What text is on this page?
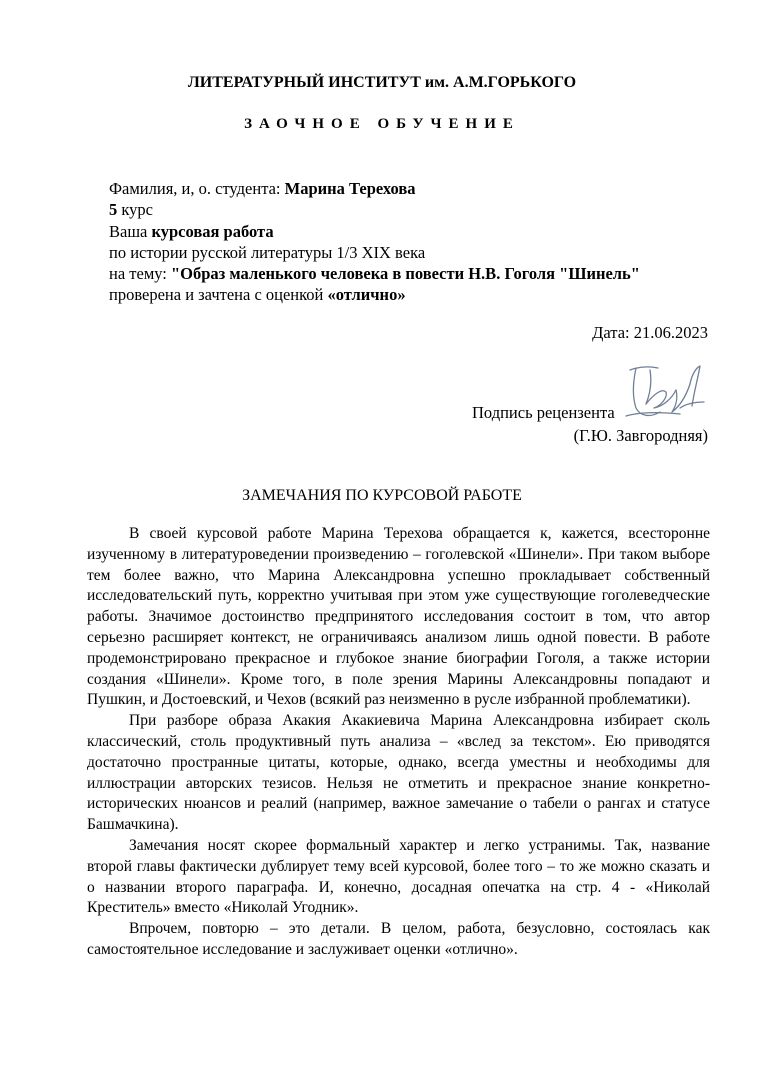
ЛИТЕРАТУРНЫЙ ИНСТИТУТ им. А.М.ГОРЬКОГО
ЗАОЧНОЕ ОБУЧЕНИЕ
Фамилия, и, о. студента: Марина Терехова
5 курс
Ваша курсовая работа
по истории русской литературы 1/3 XIX века
на тему: "Образ маленького человека в повести Н.В. Гоголя "Шинель"
проверена и зачтена с оценкой «отлично»
Дата: 21.06.2023
Подпись рецензента
(Г.Ю. Завгородняя)
ЗАМЕЧАНИЯ ПО КУРСОВОЙ РАБОТЕ

В своей курсовой работе Марина Терехова обращается к, кажется, всесторонне изученному в литературоведении произведению – гоголевской «Шинели». При таком выборе тем более важно, что Марина Александровна успешно прокладывает собственный исследовательский путь, корректно учитывая при этом уже существующие гоголеведческие работы. Значимое достоинство предпринятого исследования состоит в том, что автор серьезно расширяет контекст, не ограничиваясь анализом лишь одной повести. В работе продемонстрировано прекрасное и глубокое знание биографии Гоголя, а также истории создания «Шинели». Кроме того, в поле зрения Марины Александровны попадают и Пушкин, и Достоевский, и Чехов (всякий раз неизменно в русле избранной проблематики).

При разборе образа Акакия Акакиевича Марина Александровна избирает сколь классический, столь продуктивный путь анализа – «вслед за текстом». Ею приводятся достаточно пространные цитаты, которые, однако, всегда уместны и необходимы для иллюстрации авторских тезисов. Нельзя не отметить и прекрасное знание конкретно-исторических нюансов и реалий (например, важное замечание о табели о рангах и статусе Башмачкина).

Замечания носят скорее формальный характер и легко устранимы. Так, название второй главы фактически дублирует тему всей курсовой, более того – то же можно сказать и о названии второго параграфа. И, конечно, досадная опечатка на стр. 4 - «Николай Креститель» вместо «Николай Угодник».

Впрочем, повторю – это детали. В целом, работа, безусловно, состоялась как самостоятельное исследование и заслуживает оценки «отлично».
